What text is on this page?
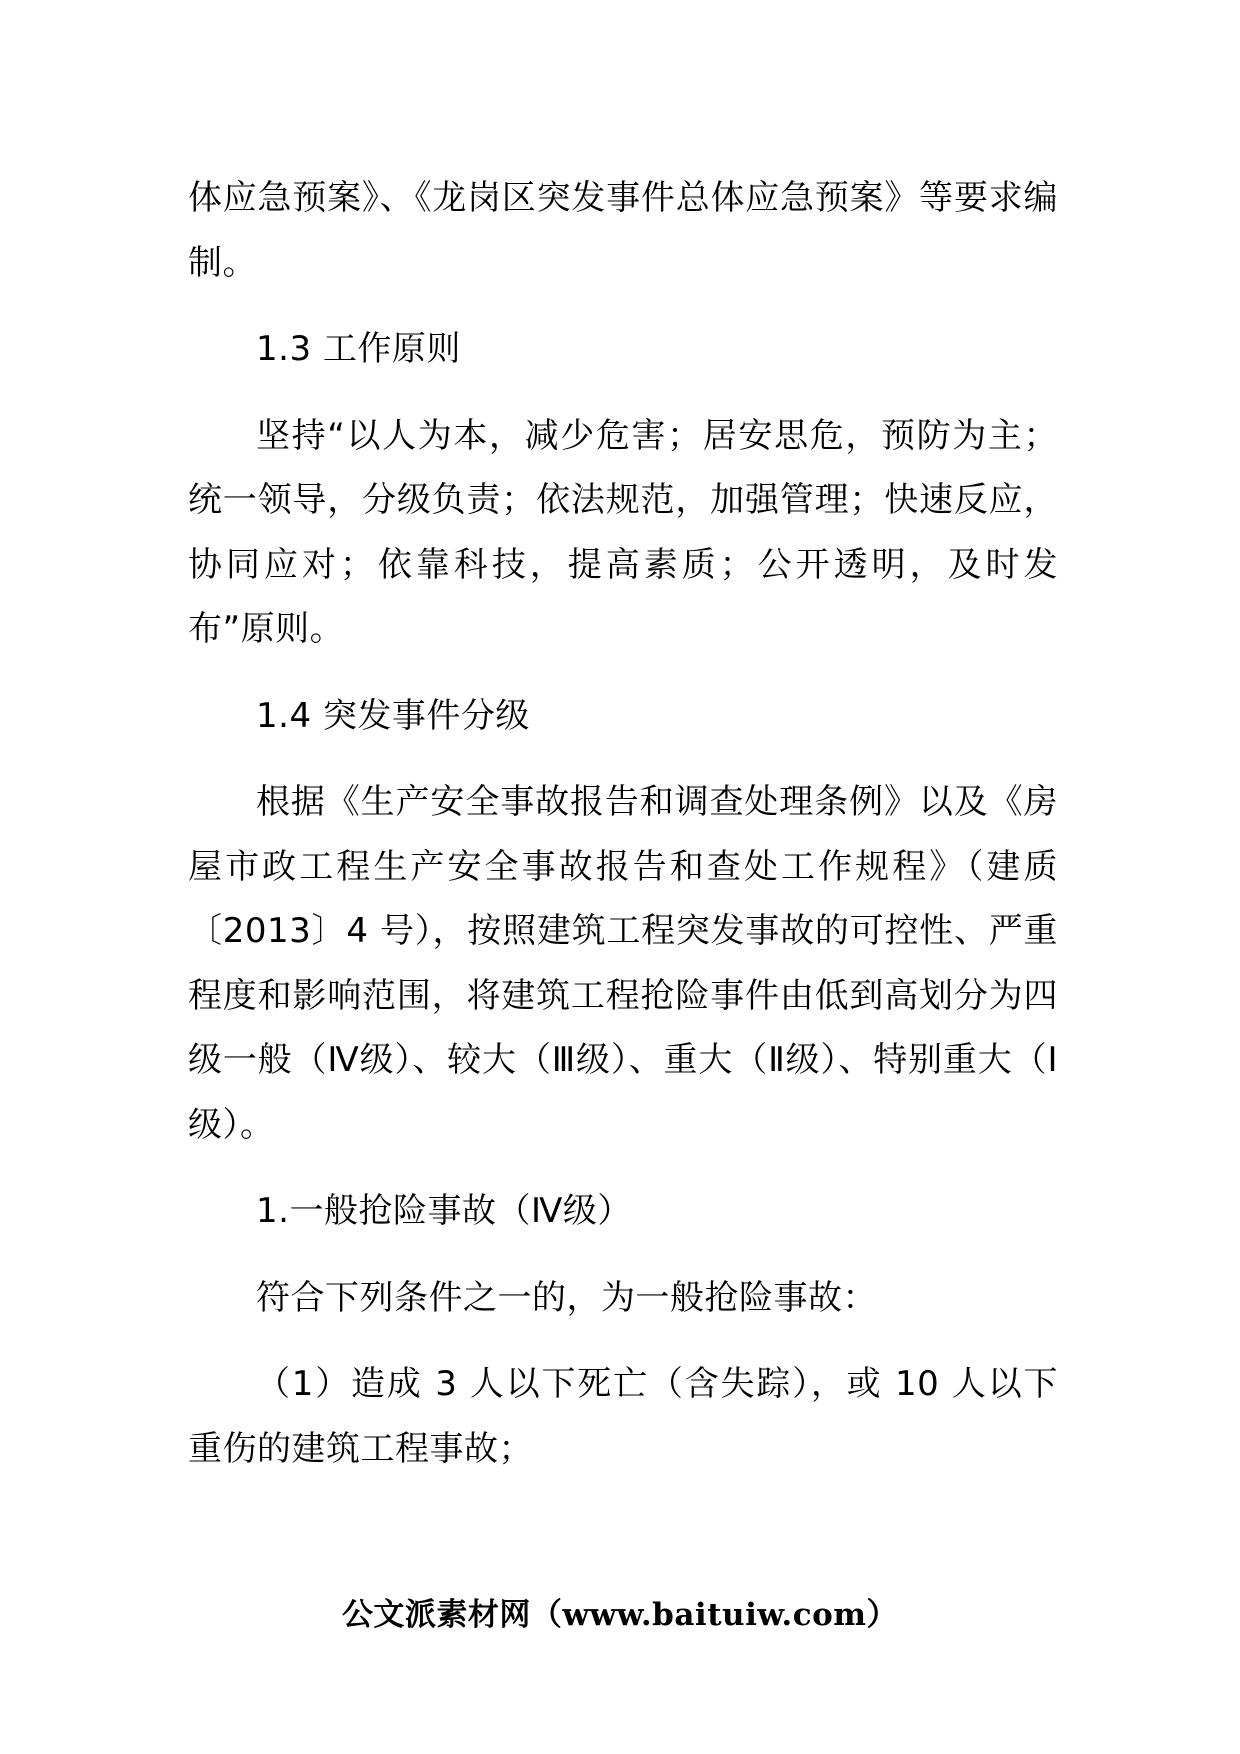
体应急预案》、《龙岗区突发事件总体应急预案》等要求编制。

1.3 工作原则

坚持“以人为本，减少危害；居安思危，预防为主；统一领导，分级负责；依法规范，加强管理；快速反应，协同应对；依靠科技，提高素质；公开透明，及时发布”原则。

1.4 突发事件分级

根据《生产安全事故报告和调查处理条例》以及《房屋市政工程生产安全事故报告和查处工作规程》（建质〔2013〕4 号），按照建筑工程突发事故的可控性、严重程度和影响范围，将建筑工程抢险事件由低到高划分为四级一般（Ⅳ级）、较大（Ⅲ级）、重大（Ⅱ级）、特别重大（Ⅰ级）。

1.一般抢险事故（Ⅳ级）

符合下列条件之一的，为一般抢险事故：

（1）造成 3 人以下死亡（含失踪），或 10 人以下重伤的建筑工程事故；

公文派素材网（www.baituiw.com）
